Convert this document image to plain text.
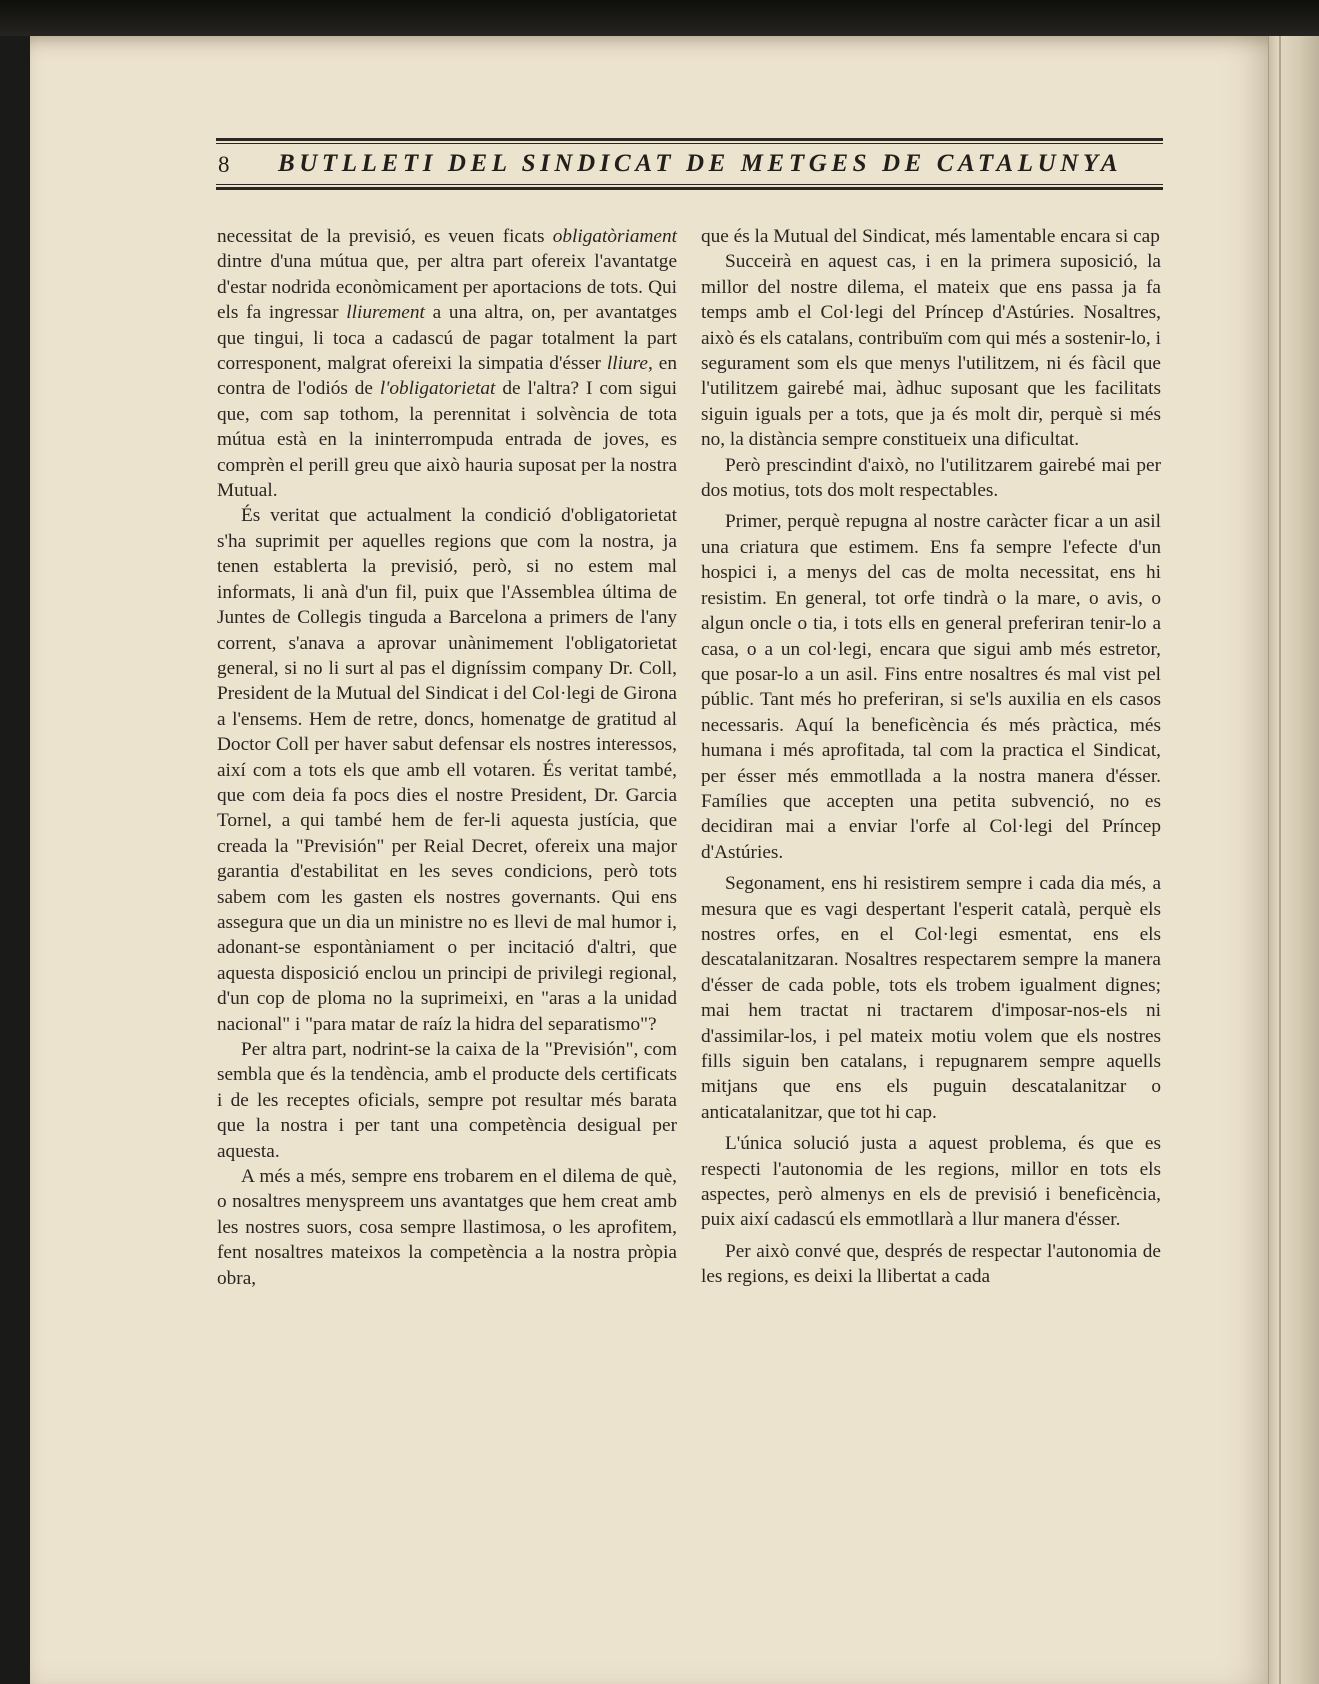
8 BUTLLETI DEL SINDICAT DE METGES DE CATALUNYA

necessitat de la previsió, es veuen ficats obligatòriament dintre d'una mútua que, per altra part ofereix l'avantatge d'estar nodrida econòmicament per aportacions de tots. Qui els fa ingressar lliurement a una altra, on, per avantatges que tingui, li toca a cadascú de pagar totalment la part corresponent, malgrat ofereixi la simpatia d'ésser lliure, en contra de l'odiós de l'obligatorietat de l'altra? I com sigui que, com sap tothom, la perennitat i solvència de tota mútua està en la ininterrompuda entrada de joves, es comprèn el perill greu que això hauria suposat per la nostra Mutual.

És veritat que actualment la condició d'obligatorietat s'ha suprimit per aquelles regions que com la nostra, ja tenen establerta la previsió, però, si no estem mal informats, li anà d'un fil, puix que l'Assemblea última de Juntes de Collegis tinguda a Barcelona a primers de l'any corrent, s'anava a aprovar unànimement l'obligatorietat general, si no li surt al pas el digníssim company Dr. Coll, President de la Mutual del Sindicat i del Col·legi de Girona a l'ensems. Hem de retre, doncs, homenatge de gratitud al Doctor Coll per haver sabut defensar els nostres interessos, així com a tots els que amb ell votaren. És veritat també, que com deia fa pocs dies el nostre President, Dr. Garcia Tornel, a qui també hem de fer-li aquesta justícia, que creada la "Previsión" per Reial Decret, ofereix una major garantia d'estabilitat en les seves condicions, però tots sabem com les gasten els nostres governants. Qui ens assegura que un dia un ministre no es llevi de mal humor i, adonant-se espontàniament o per incitació d'altri, que aquesta disposició enclou un principi de privilegi regional, d'un cop de ploma no la suprimeixi, en "aras a la unidad nacional" i "para matar de raíz la hidra del separatismo"?

Per altra part, nodrint-se la caixa de la "Previsión", com sembla que és la tendència, amb el producte dels certificats i de les receptes oficials, sempre pot resultar més barata que la nostra i per tant una competència desigual per aquesta.

A més a més, sempre ens trobarem en el dilema de què, o nosaltres menyspreem uns avantatges que hem creat amb les nostres suors, cosa sempre llastimosa, o les aprofitem, fent nosaltres mateixos la competència a la nostra pròpia obra,

que és la Mutual del Sindicat, més lamentable encara si cap

Succeirà en aquest cas, i en la primera suposició, la millor del nostre dilema, el mateix que ens passa ja fa temps amb el Col·legi del Príncep d'Astúries. Nosaltres, això és els catalans, contribuïm com qui més a sostenir-lo, i segurament som els que menys l'utilitzem, ni és fàcil que l'utilitzem gairebé mai, àdhuc suposant que les facilitats siguin iguals per a tots, que ja és molt dir, perquè si més no, la distància sempre constitueix una dificultat.

Però prescindint d'això, no l'utilitzarem gairebé mai per dos motius, tots dos molt respectables.

Primer, perquè repugna al nostre caràcter ficar a un asil una criatura que estimem. Ens fa sempre l'efecte d'un hospici i, a menys del cas de molta necessitat, ens hi resistim. En general, tot orfe tindrà o la mare, o avis, o algun oncle o tia, i tots ells en general preferiran tenir-lo a casa, o a un col·legi, encara que sigui amb més estretor, que posar-lo a un asil. Fins entre nosaltres és mal vist pel públic. Tant més ho preferiran, si se'ls auxilia en els casos necessaris. Aquí la beneficència és més pràctica, més humana i més aprofitada, tal com la practica el Sindicat, per ésser més emmotllada a la nostra manera d'ésser. Famílies que accepten una petita subvenció, no es decidiran mai a enviar l'orfe al Col·legi del Príncep d'Astúries.

Segonament, ens hi resistirem sempre i cada dia més, a mesura que es vagi despertant l'esperit català, perquè els nostres orfes, en el Col·legi esmentat, ens els descatalanitzaran. Nosaltres respectarem sempre la manera d'ésser de cada poble, tots els trobem igualment dignes; mai hem tractat ni tractarem d'imposar-nos-els ni d'assimilar-los, i pel mateix motiu volem que els nostres fills siguin ben catalans, i repugnarem sempre aquells mitjans que ens els puguin descatalanitzar o anticatalanitzar, que tot hi cap.

L'única solució justa a aquest problema, és que es respecti l'autonomia de les regions, millor en tots els aspectes, però almenys en els de previsió i beneficència, puix així cadascú els emmotllarà a llur manera d'ésser.

Per això convé que, després de respectar l'autonomia de les regions, es deixi la llibertat a cada
